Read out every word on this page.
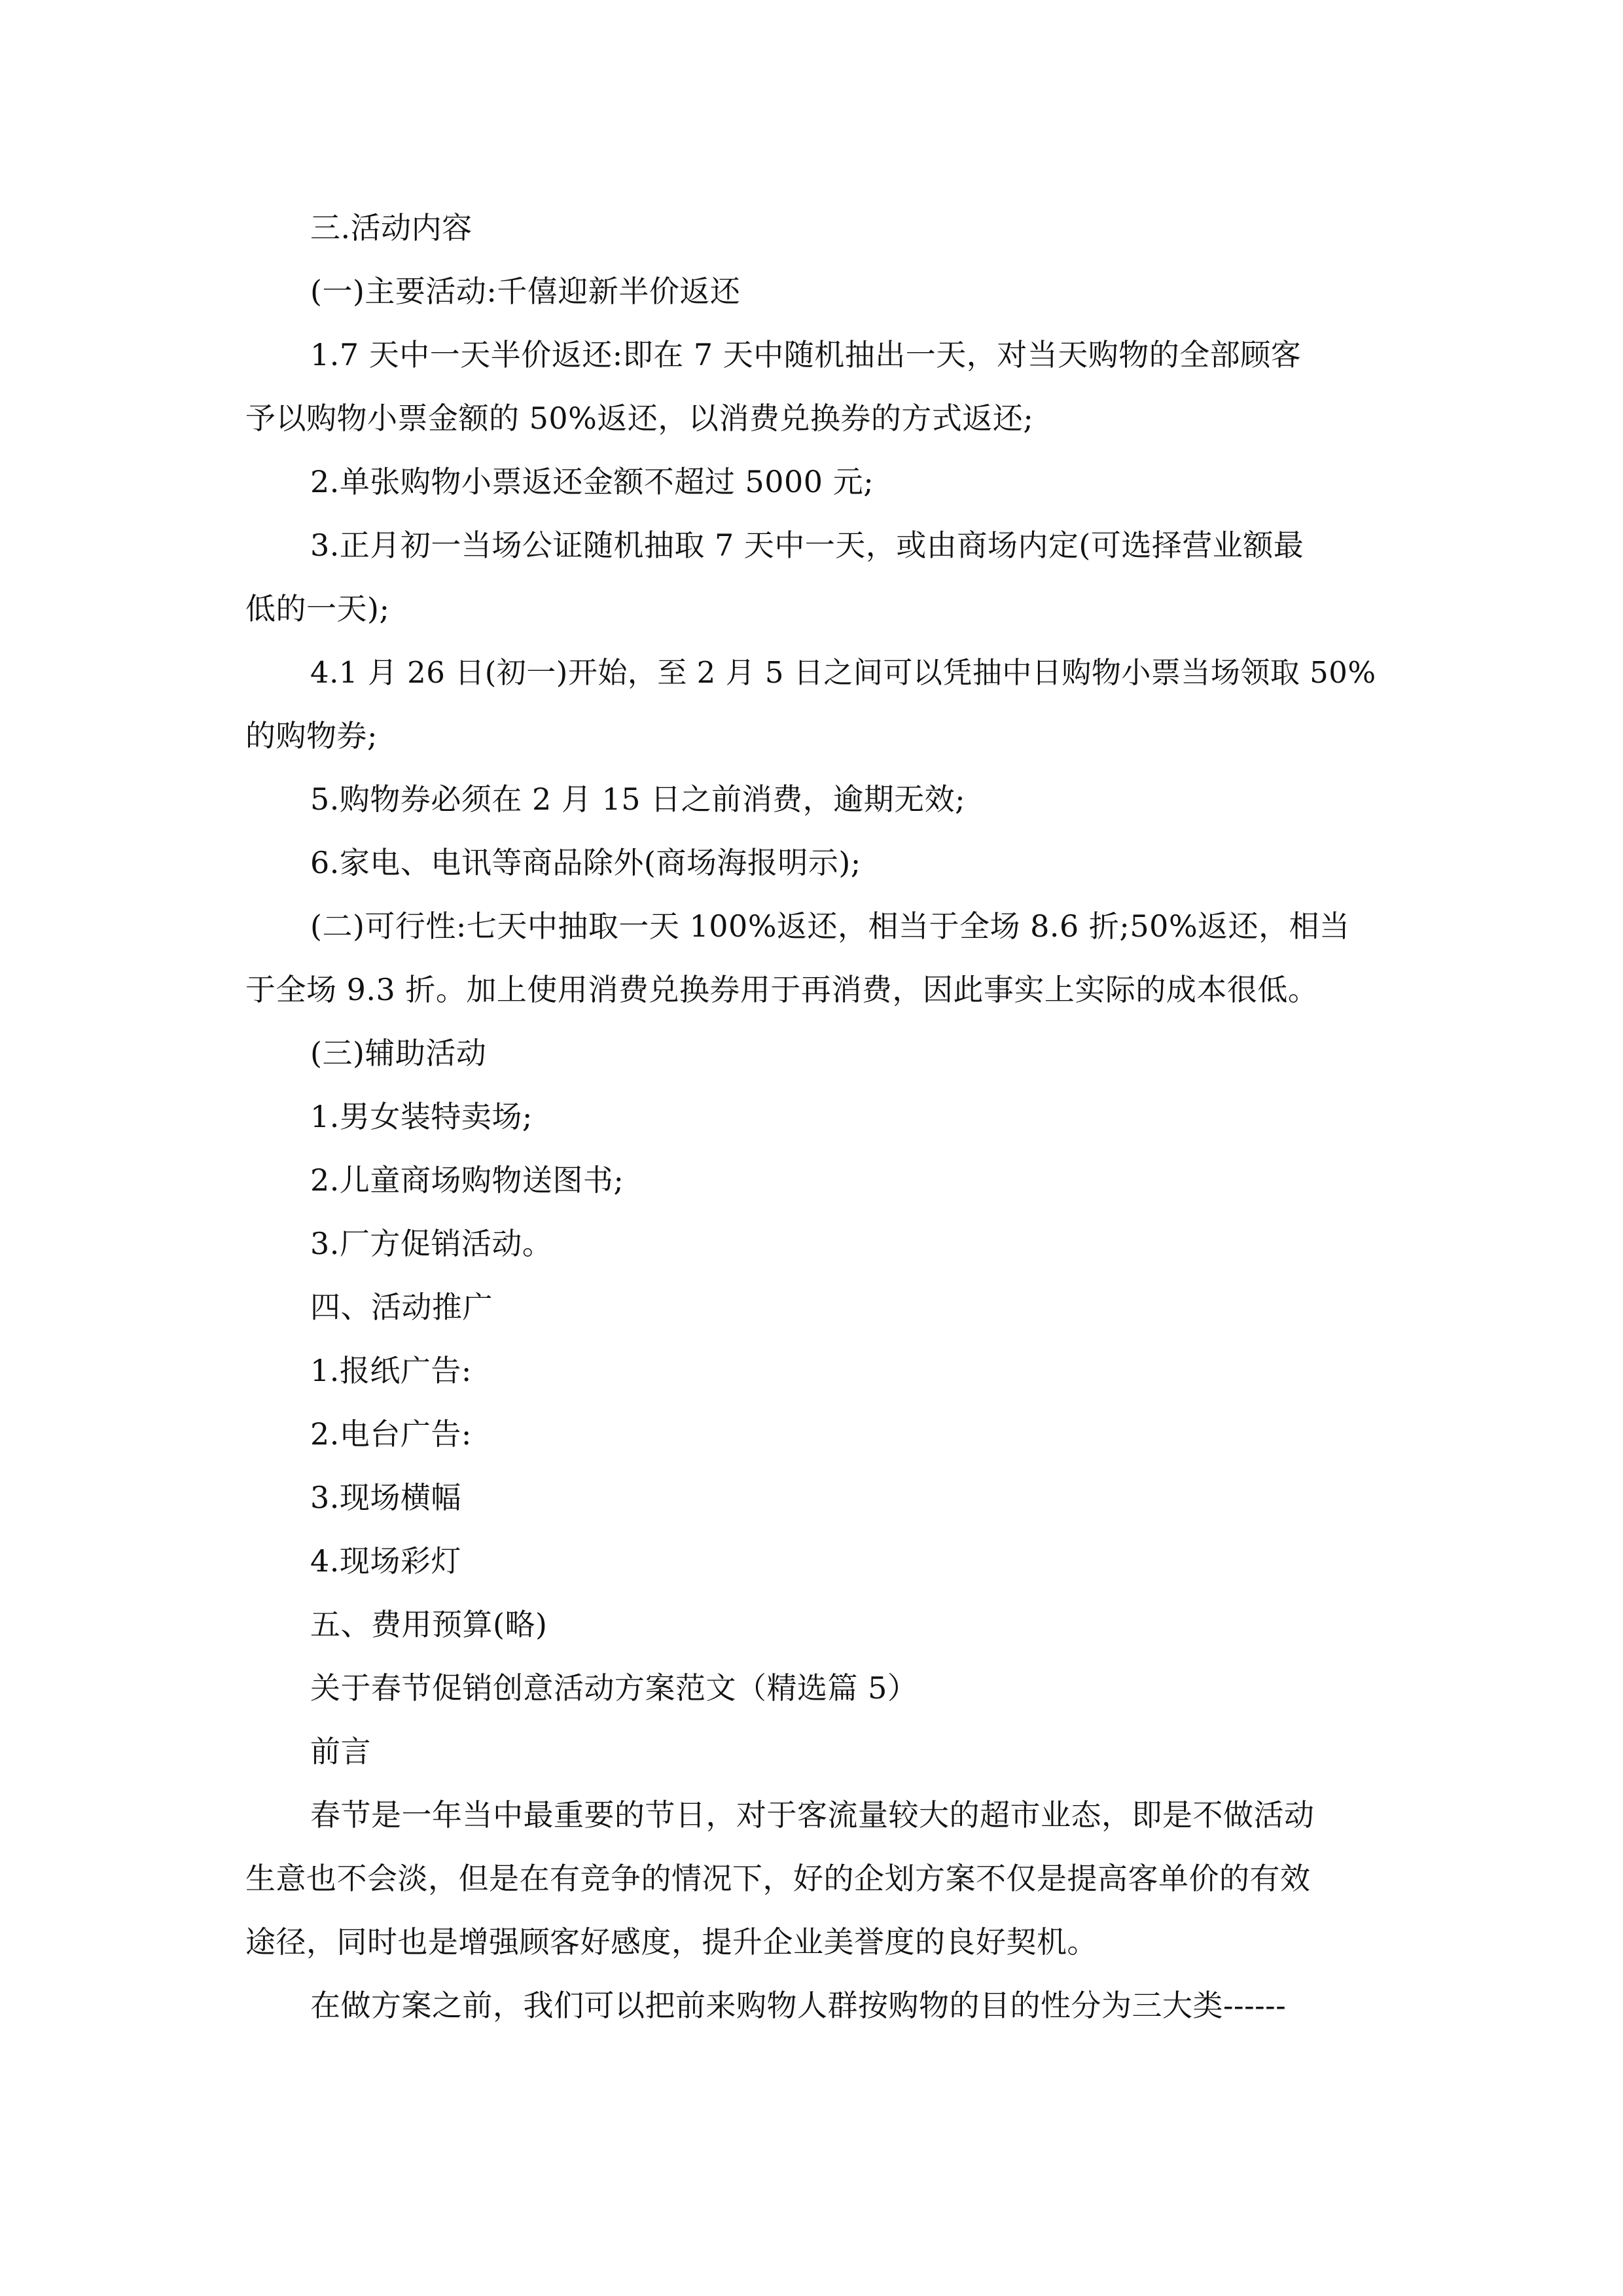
三.活动内容
(一)主要活动:千僖迎新半价返还
1.7 天中一天半价返还:即在 7 天中随机抽出一天，对当天购物的全部顾客
予以购物小票金额的 50%返还，以消费兑换券的方式返还;
2.单张购物小票返还金额不超过 5000 元;
3.正月初一当场公证随机抽取 7 天中一天，或由商场内定(可选择营业额最
低的一天);
4.1 月 26 日(初一)开始，至 2 月 5 日之间可以凭抽中日购物小票当场领取 50%
的购物券;
5.购物券必须在 2 月 15 日之前消费，逾期无效;
6.家电、电讯等商品除外(商场海报明示);
(二)可行性:七天中抽取一天 100%返还，相当于全场 8.6 折;50%返还，相当
于全场 9.3 折。加上使用消费兑换券用于再消费，因此事实上实际的成本很低。
(三)辅助活动
1.男女装特卖场;
2.儿童商场购物送图书;
3.厂方促销活动。
四、活动推广
1.报纸广告:
2.电台广告:
3.现场横幅
4.现场彩灯
五、费用预算(略)
关于春节促销创意活动方案范文（精选篇 5）
前言
春节是一年当中最重要的节日，对于客流量较大的超市业态，即是不做活动
生意也不会淡，但是在有竞争的情况下，好的企划方案不仅是提高客单价的有效
途径，同时也是增强顾客好感度，提升企业美誉度的良好契机。
在做方案之前，我们可以把前来购物人群按购物的目的性分为三大类------
